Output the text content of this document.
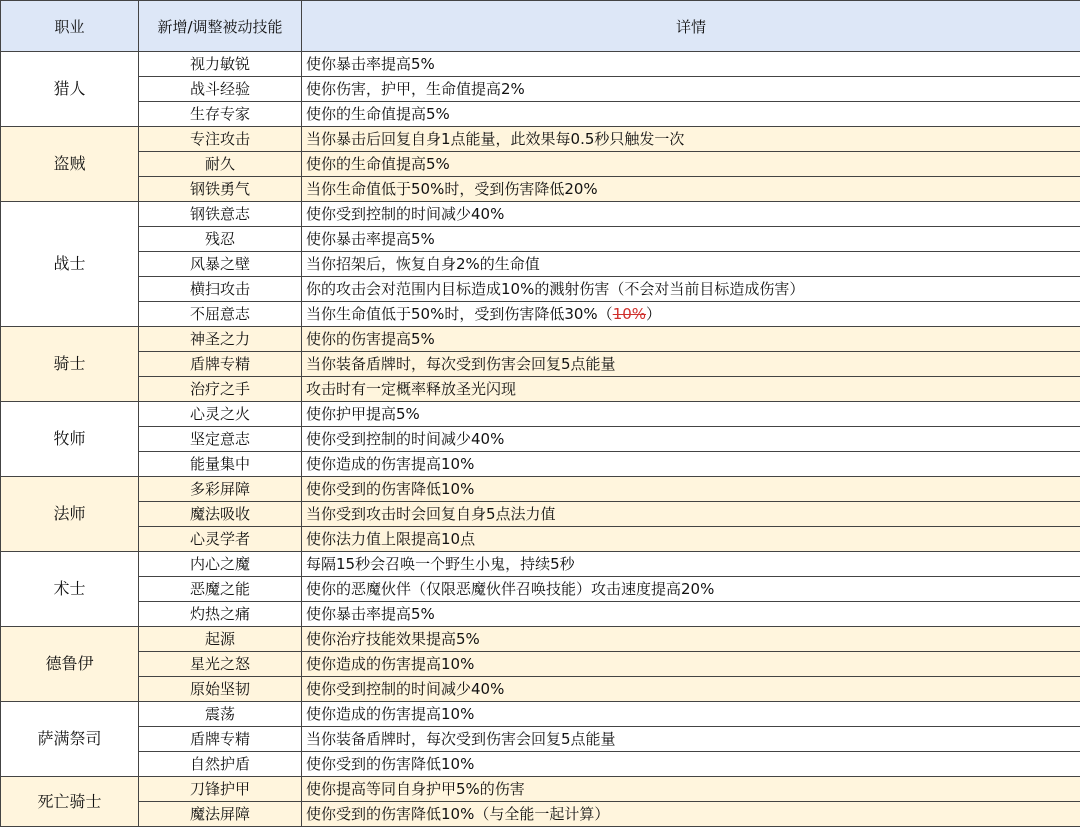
职业	新增/调整被动技能	详情
猎人	视力敏锐	使你暴击率提高5%
	战斗经验	使你伤害，护甲，生命值提高2%
	生存专家	使你的生命值提高5%
盗贼	专注攻击	当你暴击后回复自身1点能量，此效果每0.5秒只触发一次
	耐久	使你的生命值提高5%
	钢铁勇气	当你生命值低于50%时，受到伤害降低20%
战士	钢铁意志	使你受到控制的时间减少40%
	残忍	使你暴击率提高5%
	风暴之壁	当你招架后，恢复自身2%的生命值
	横扫攻击	你的攻击会对范围内目标造成10%的溅射伤害（不会对当前目标造成伤害）
	不屈意志	当你生命值低于50%时，受到伤害降低30%（10%）
骑士	神圣之力	使你的伤害提高5%
	盾牌专精	当你装备盾牌时，每次受到伤害会回复5点能量
	治疗之手	攻击时有一定概率释放圣光闪现
牧师	心灵之火	使你护甲提高5%
	坚定意志	使你受到控制的时间减少40%
	能量集中	使你造成的伤害提高10%
法师	多彩屏障	使你受到的伤害降低10%
	魔法吸收	当你受到攻击时会回复自身5点法力值
	心灵学者	使你法力值上限提高10点
术士	内心之魔	每隔15秒会召唤一个野生小鬼，持续5秒
	恶魔之能	使你的恶魔伙伴（仅限恶魔伙伴召唤技能）攻击速度提高20%
	灼热之痛	使你暴击率提高5%
德鲁伊	起源	使你治疗技能效果提高5%
	星光之怒	使你造成的伤害提高10%
	原始坚韧	使你受到控制的时间减少40%
萨满祭司	震荡	使你造成的伤害提高10%
	盾牌专精	当你装备盾牌时，每次受到伤害会回复5点能量
	自然护盾	使你受到的伤害降低10%
死亡骑士	刀锋护甲	使你提高等同自身护甲5%的伤害
	魔法屏障	使你受到的伤害降低10%（与全能一起计算）
